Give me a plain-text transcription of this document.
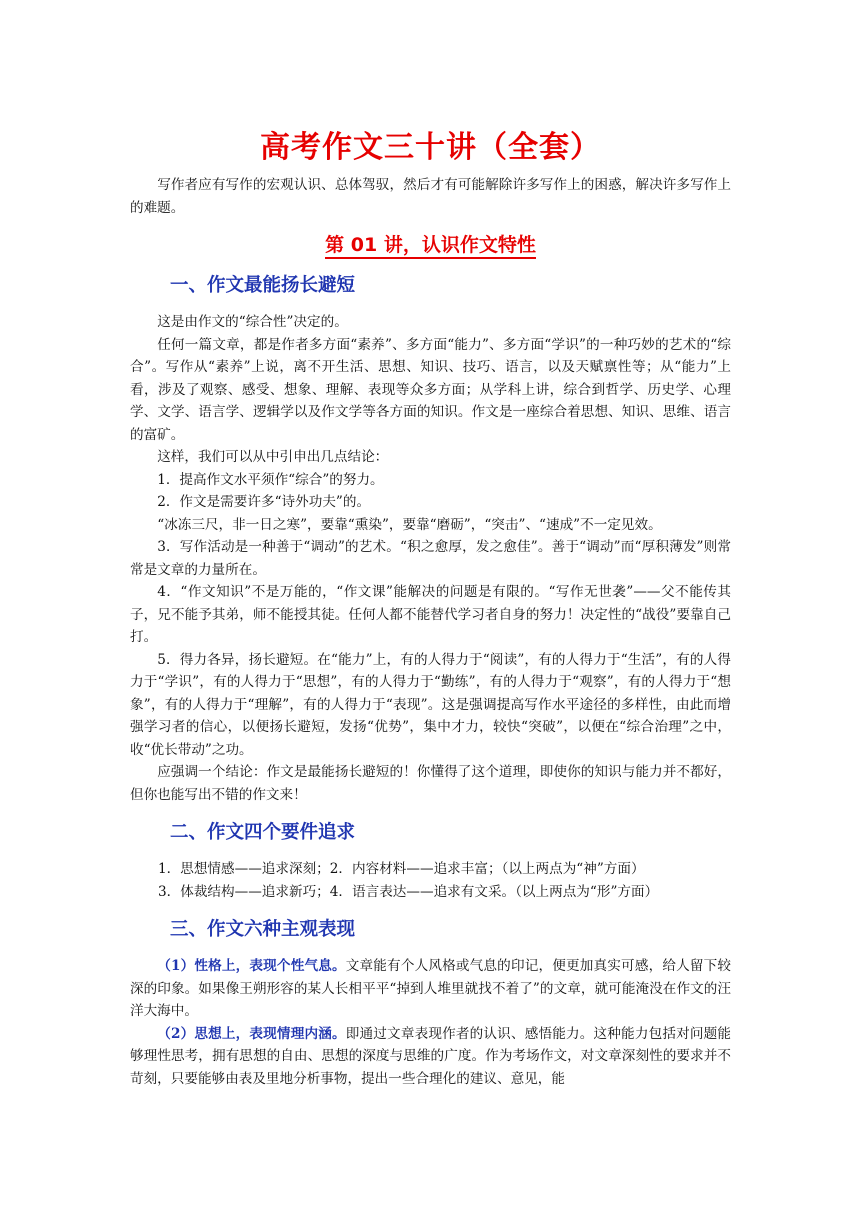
高考作文三十讲（全套）

写作者应有写作的宏观认识、总体驾驭，然后才有可能解除许多写作上的困惑，解决许多写作上的难题。

第 01 讲，认识作文特性
一、作文最能扬长避短

这是由作文的“综合性”决定的。

任何一篇文章，都是作者多方面“素养”、多方面“能力”、多方面“学识”的一种巧妙的艺术的“综合”。写作从“素养”上说，离不开生活、思想、知识、技巧、语言，以及天赋禀性等；从“能力”上看，涉及了观察、感受、想象、理解、表现等众多方面；从学科上讲，综合到哲学、历史学、心理学、文学、语言学、逻辑学以及作文学等各方面的知识。作文是一座综合着思想、知识、思维、语言的富矿。

这样，我们可以从中引申出几点结论：

1．提高作文水平须作“综合”的努力。

2．作文是需要许多“诗外功夫”的。

“冰冻三尺，非一日之寒”，要靠“熏染”，要靠“磨砺”，“突击”、“速成”不一定见效。

3．写作活动是一种善于“调动”的艺术。“积之愈厚，发之愈佳”。善于“调动”而“厚积薄发”则常常是文章的力量所在。

4．“作文知识”不是万能的，“作文课”能解决的问题是有限的。“写作无世袭”——父不能传其子，兄不能予其弟，师不能授其徒。任何人都不能替代学习者自身的努力！决定性的“战役”要靠自己打。

5．得力各异，扬长避短。在“能力”上，有的人得力于“阅读”，有的人得力于“生活”，有的人得力于“学识”，有的人得力于“思想”，有的人得力于“勤练”，有的人得力于“观察”，有的人得力于“想象”，有的人得力于“理解”，有的人得力于“表现”。这是强调提高写作水平途径的多样性，由此而增强学习者的信心，以便扬长避短，发扬“优势”，集中才力，较快“突破”，以便在“综合治理”之中，收“优长带动”之功。

应强调一个结论：作文是最能扬长避短的！你懂得了这个道理，即使你的知识与能力并不都好，但你也能写出不错的作文来！

二、作文四个要件追求

1．思想情感——追求深刻；2．内容材料——追求丰富；（以上两点为“神”方面）

3．体裁结构——追求新巧；4．语言表达——追求有文采。（以上两点为“形”方面）

三、作文六种主观表现

（1）性格上，表现个性气息。文章能有个人风格或气息的印记，便更加真实可感，给人留下较深的印象。如果像王朔形容的某人长相平平“掉到人堆里就找不着了”的文章，就可能淹没在作文的汪洋大海中。

（2）思想上，表现情理内涵。即通过文章表现作者的认识、感悟能力。这种能力包括对问题能够理性思考，拥有思想的自由、思想的深度与思维的广度。作为考场作文，对文章深刻性的要求并不苛刻，只要能够由表及里地分析事物，提出一些合理化的建议、意见，能
